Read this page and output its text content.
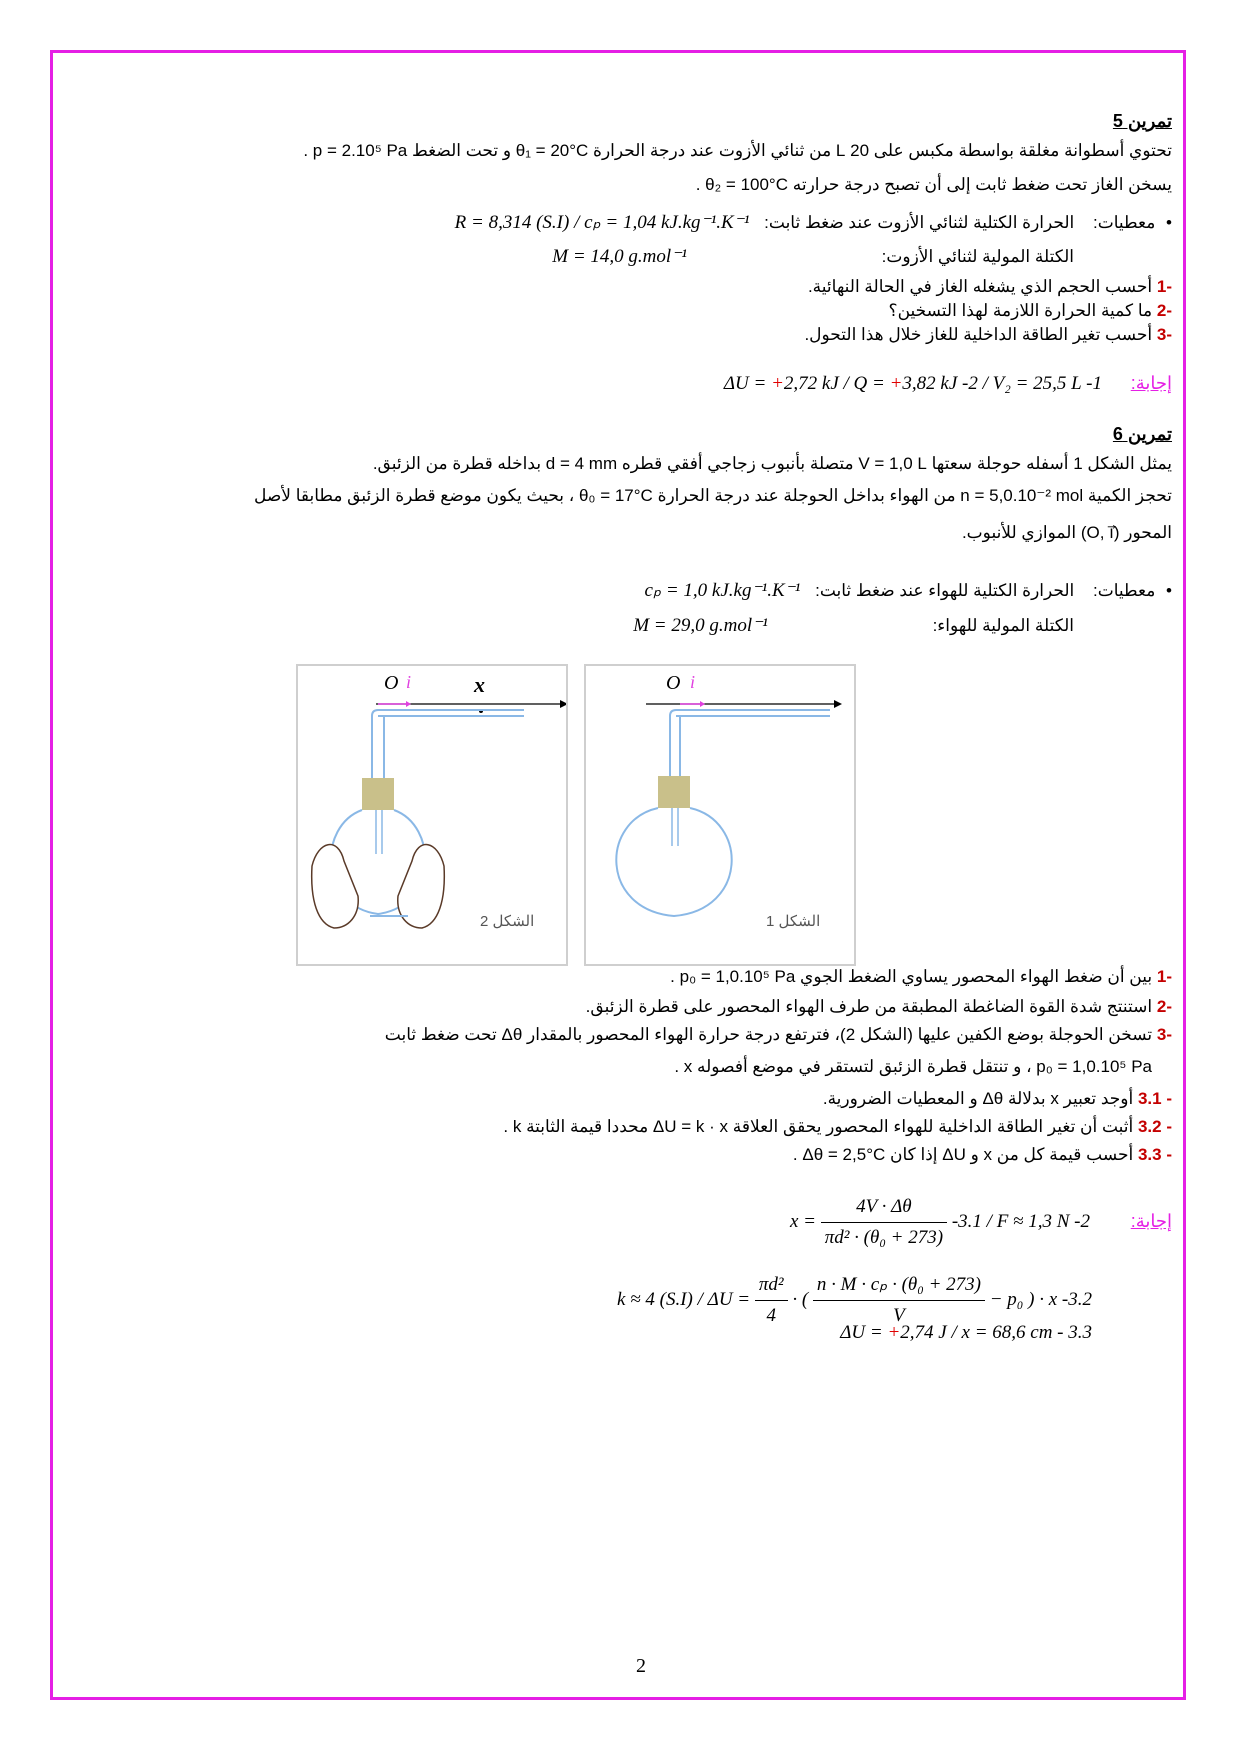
تمرين 5
تحتوي أسطوانة مغلقة بواسطة مكبس على 20 L من ثنائي الأزوت عند درجة الحرارة θ₁ = 20°C و تحت الضغط p = 2.10⁵ Pa .
يسخن الغاز تحت ضغط ثابت إلى أن تصبح درجة حرارته θ₂ = 100°C .
• معطيات: الحرارة الكتلية لثنائي الأزوت عند ضغط ثابت: R = 8,314 (S.I) / cₚ = 1,04 kJ.kg⁻¹.K⁻¹
الكتلة المولية لثنائي الأزوت: M = 14,0 g.mol⁻¹
-1 أحسب الحجم الذي يشغله الغاز في الحالة النهائية.
-2 ما كمية الحرارة اللازمة لهذا التسخين؟
-3 أحسب تغير الطاقة الداخلية للغاز خلال هذا التحول.
إجابة: ΔU = +2,72 kJ / Q = +3,82 kJ -2 / V₂ = 25,5 L -1
تمرين 6
يمثل الشكل 1 أسفله حوجلة سعتها V = 1,0 L متصلة بأنبوب زجاجي أفقي قطره d = 4 mm بداخله قطرة من الزئبق.
تحجز الكمية n = 5,0.10⁻² mol من الهواء بداخل الحوجلة عند درجة الحرارة θ₀ = 17°C ، بحيث يكون موضع قطرة الزئبق مطابقا لأصل
المحور (O, i⃗) الموازي للأنبوب.
• معطيات: الحرارة الكتلية للهواء عند ضغط ثابت: cₚ = 1,0 kJ.kg⁻¹.K⁻¹
الكتلة المولية للهواء: M = 29,0 g.mol⁻¹
O i⃗ x
الشكل 2
O i⃗
الشكل 1
-1 بين أن ضغط الهواء المحصور يساوي الضغط الجوي p₀ = 1,0.10⁵ Pa .
-2 استنتج شدة القوة الضاغطة المطبقة من طرف الهواء المحصور على قطرة الزئبق.
-3 تسخن الحوجلة بوضع الكفين عليها (الشكل 2)، فترتفع درجة حرارة الهواء المحصور بالمقدار Δθ تحت ضغط ثابت
p₀ = 1,0.10⁵ Pa ، و تنتقل قطرة الزئبق لتستقر في موضع أفصوله x .
- 3.1 أوجد تعبير x بدلالة Δθ و المعطيات الضرورية.
- 3.2 أثبت أن تغير الطاقة الداخلية للهواء المحصور يحقق العلاقة ΔU = k · x محددا قيمة الثابتة k .
- 3.3 أحسب قيمة كل من x و ΔU إذا كان Δθ = 2,5°C .
إجابة: $x = \frac{4V \cdot \Delta\theta}{\text{πd² · (θ₀ + 273)}} -3.1 / F \approx 1,3$ N -2
k ≈ 4 $(S.I) / \Delta U = \frac{\text{πd²}}{4}$ · ( $\frac{\text{n · M · cₚ · (θ₀ + 273)}}{V} - p_0$ ) · x -3.2
ΔU = +2,74 J / x = 68,6 cm - 3.3
2
